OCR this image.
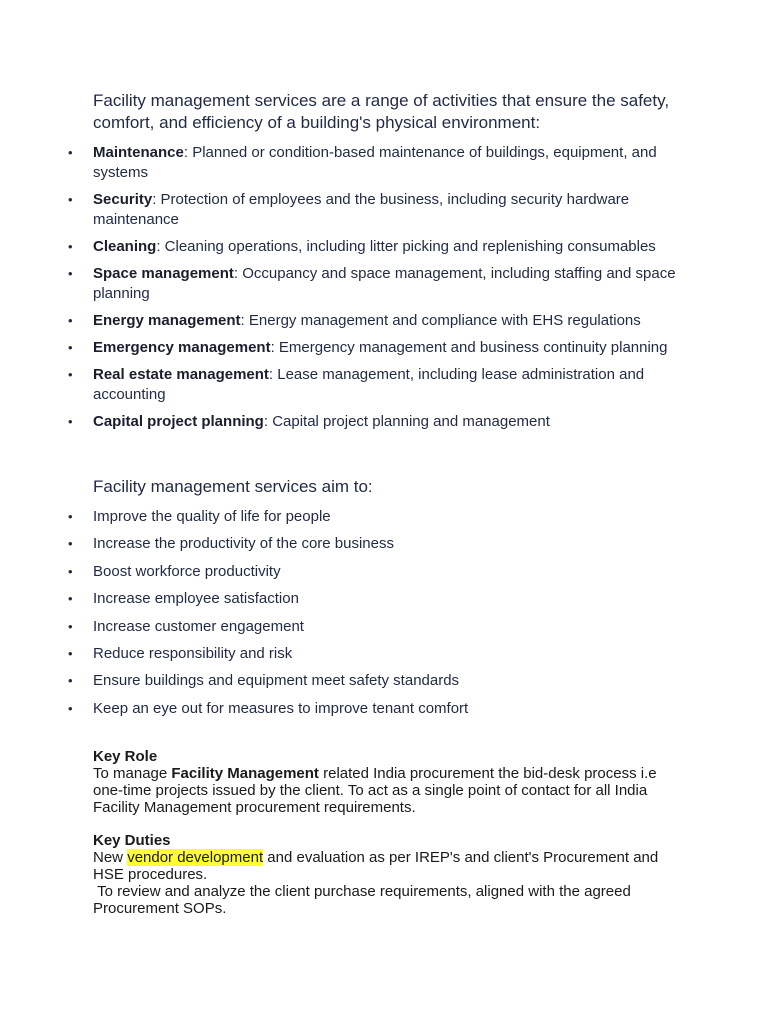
Facility management services are a range of activities that ensure the safety, comfort, and efficiency of a building's physical environment:

• Maintenance: Planned or condition-based maintenance of buildings, equipment, and systems
• Security: Protection of employees and the business, including security hardware maintenance
• Cleaning: Cleaning operations, including litter picking and replenishing consumables
• Space management: Occupancy and space management, including staffing and space planning
• Energy management: Energy management and compliance with EHS regulations
• Emergency management: Emergency management and business continuity planning
• Real estate management: Lease management, including lease administration and accounting
• Capital project planning: Capital project planning and management

Facility management services aim to:

• Improve the quality of life for people
• Increase the productivity of the core business
• Boost workforce productivity
• Increase employee satisfaction
• Increase customer engagement
• Reduce responsibility and risk
• Ensure buildings and equipment meet safety standards
• Keep an eye out for measures to improve tenant comfort
Key Role
To manage Facility Management related India procurement the bid-desk process i.e one-time projects issued by the client. To act as a single point of contact for all India Facility Management procurement requirements.
Key Duties
New vendor development and evaluation as per IREP's and client's Procurement and HSE procedures.
To review and analyze the client purchase requirements, aligned with the agreed Procurement SOPs.
